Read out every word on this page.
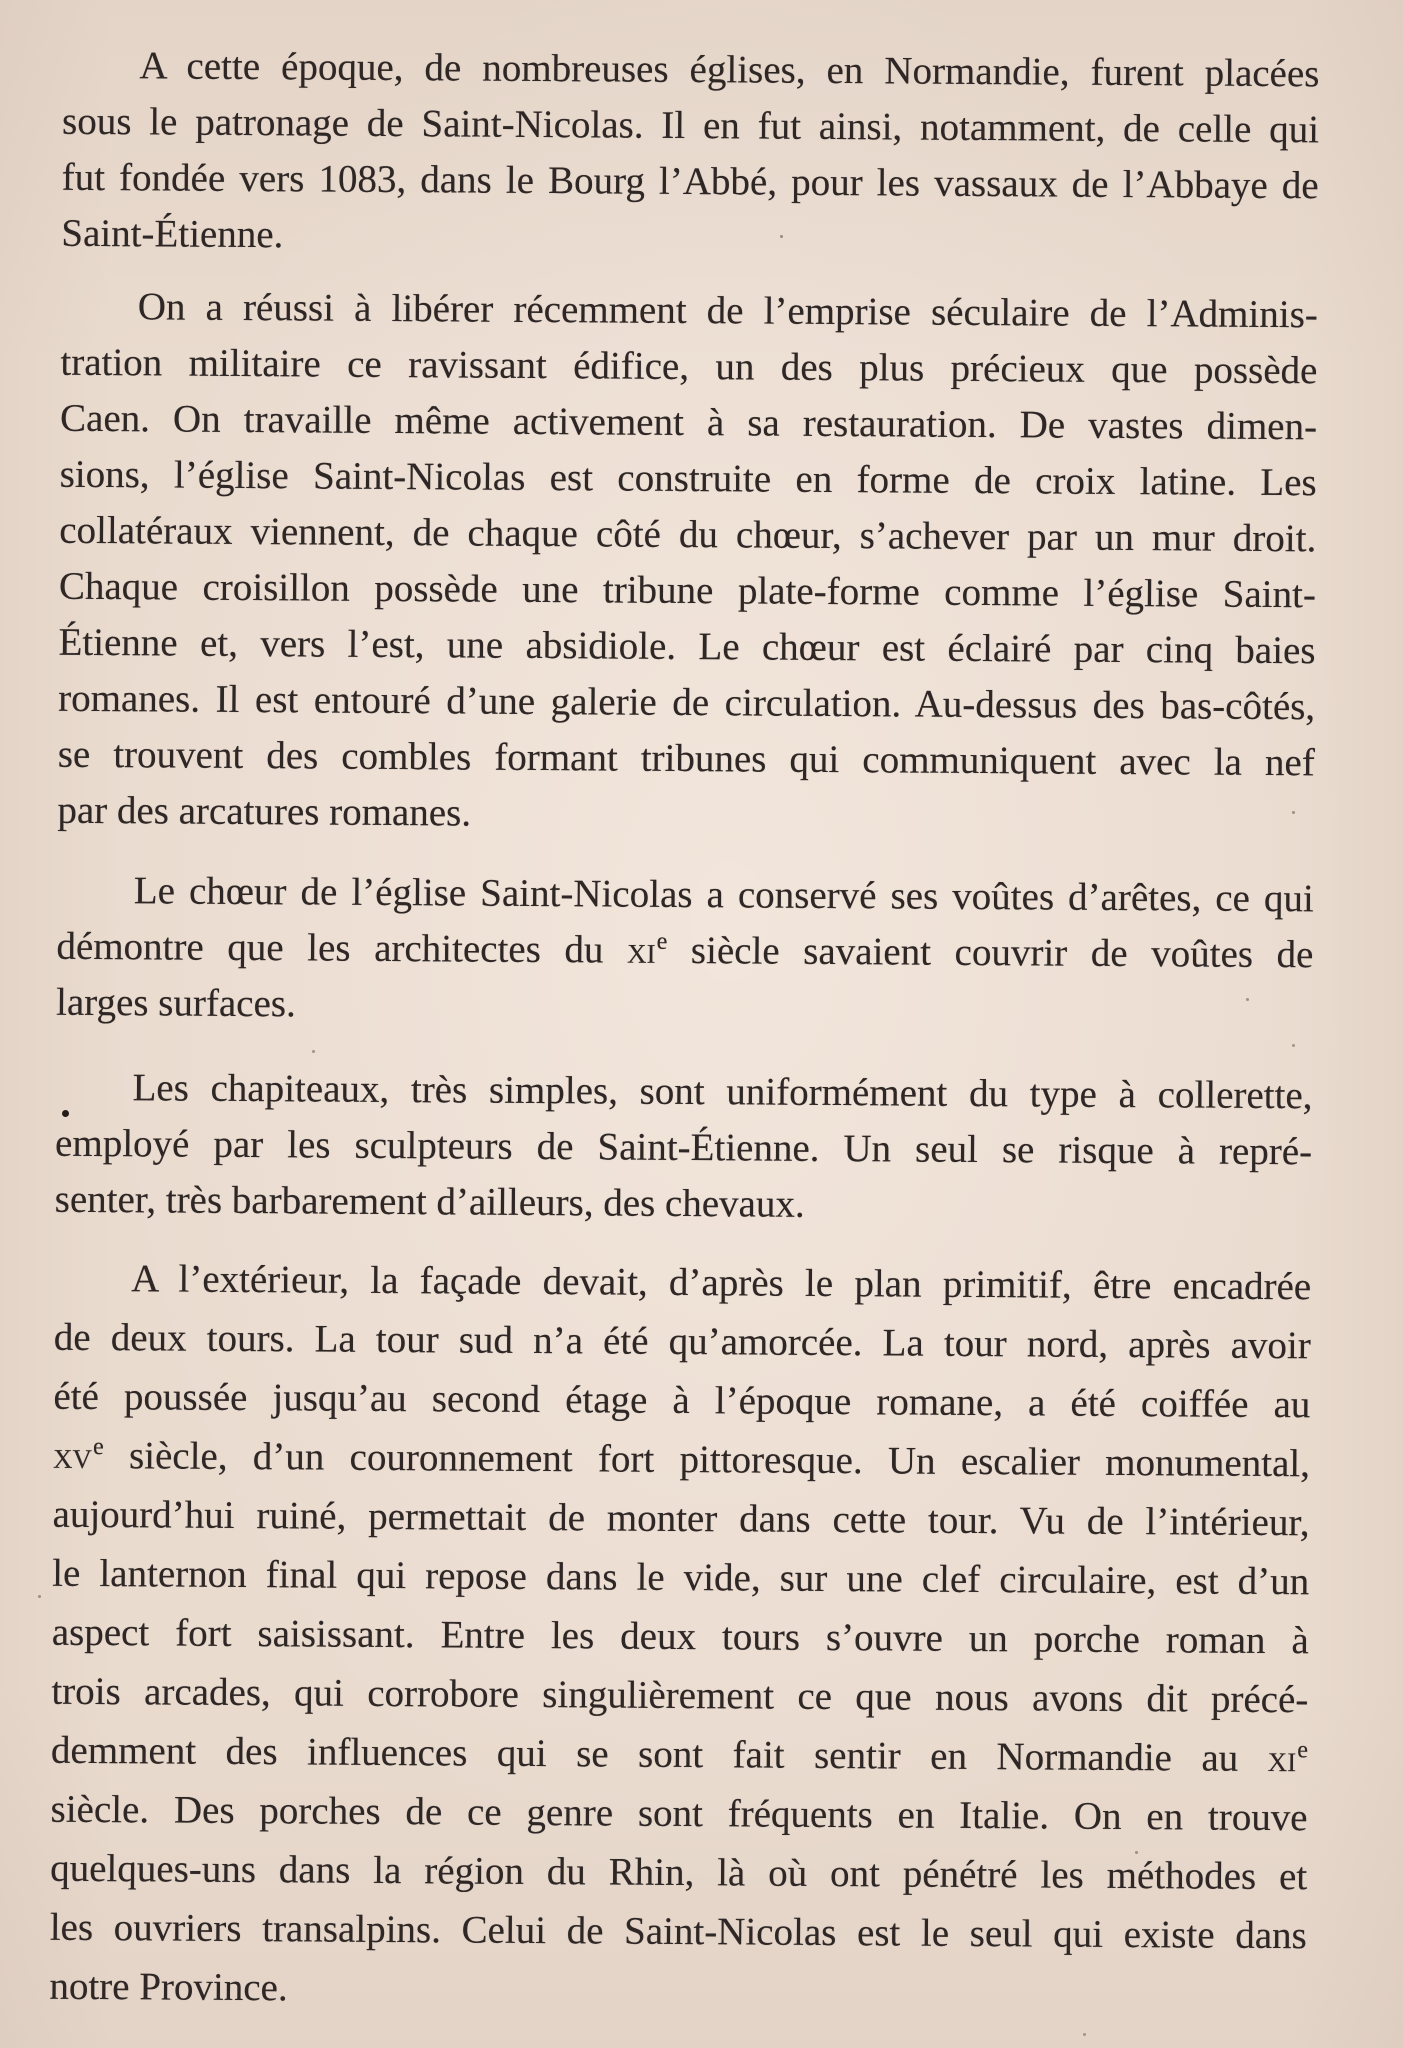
A cette époque, de nombreuses églises, en Normandie, furent placées
sous le patronage de Saint-Nicolas. Il en fut ainsi, notamment, de celle qui
fut fondée vers 1083, dans le Bourg l’Abbé, pour les vassaux de l’Abbaye de
Saint-Étienne.
On a réussi à libérer récemment de l’emprise séculaire de l’Adminis-
tration militaire ce ravissant édifice, un des plus précieux que possède
Caen. On travaille même activement à sa restauration. De vastes dimen-
sions, l’église Saint-Nicolas est construite en forme de croix latine. Les
collatéraux viennent, de chaque côté du chœur, s’achever par un mur droit.
Chaque croisillon possède une tribune plate-forme comme l’église Saint-
Étienne et, vers l’est, une absidiole. Le chœur est éclairé par cinq baies
romanes. Il est entouré d’une galerie de circulation. Au-dessus des bas-côtés,
se trouvent des combles formant tribunes qui communiquent avec la nef
par des arcatures romanes.
Le chœur de l’église Saint-Nicolas a conservé ses voûtes d’arêtes, ce qui
démontre que les architectes du $xi^e$ siècle savaient couvrir de voûtes de
larges surfaces.
Les chapiteaux, très simples, sont uniformément du type à collerette,
employé par les sculpteurs de Saint-Étienne. Un seul se risque à repré-
senter, très barbarement d’ailleurs, des chevaux.
A l’extérieur, la façade devait, d’après le plan primitif, être encadrée
de deux tours. La tour sud n’a été qu’amorcée. La tour nord, après avoir
été poussée jusqu’au second étage à l’époque romane, a été coiffée au
$xv^e$ siècle, d’un couronnement fort pittoresque. Un escalier monumental,
aujourd’hui ruiné, permettait de monter dans cette tour. Vu de l’intérieur,
le lanternon final qui repose dans le vide, sur une clef circulaire, est d’un
aspect fort saisissant. Entre les deux tours s’ouvre un porche roman à
trois arcades, qui corrobore singulièrement ce que nous avons dit précé-
demment des influences qui se sont fait sentir en Normandie au $xi^e$
siècle. Des porches de ce genre sont fréquents en Italie. On en trouve
quelques-uns dans la région du Rhin, là où ont pénétré les méthodes et
les ouvriers transalpins. Celui de Saint-Nicolas est le seul qui existe dans
notre Province.
